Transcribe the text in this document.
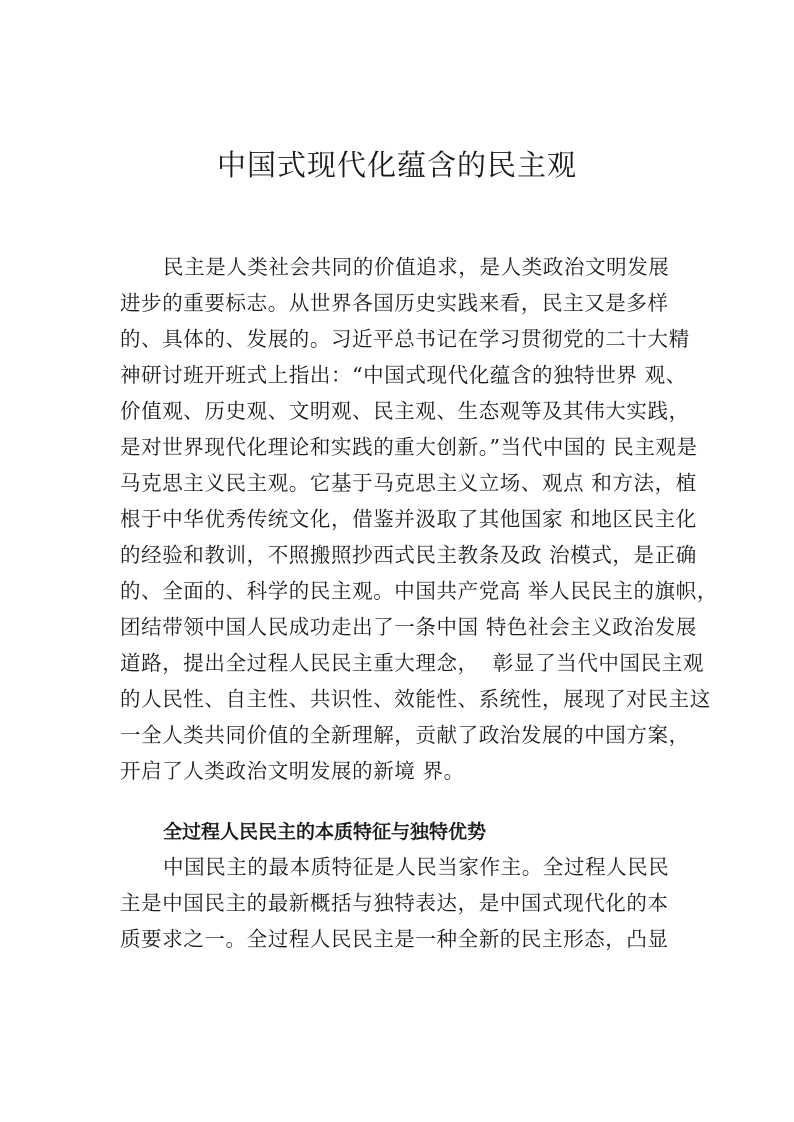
中国式现代化蕴含的民主观

民主是人类社会共同的价值追求，是人类政治文明发展

进步的重要标志。从世界各国历史实践来看，民主又是多样

的、具体的、发展的。习近平总书记在学习贯彻党的二十大精

神研讨班开班式上指出：“中国式现代化蕴含的独特世界 观、

价值观、历史观、文明观、民主观、生态观等及其伟大实践，

是对世界现代化理论和实践的重大创新。”当代中国的 民主观是

马克思主义民主观。它基于马克思主义立场、观点 和方法，植

根于中华优秀传统文化，借鉴并汲取了其他国家 和地区民主化

的经验和教训，不照搬照抄西式民主教条及政 治模式，是正确

的、全面的、科学的民主观。中国共产党高 举人民民主的旗帜，

团结带领中国人民成功走出了一条中国 特色社会主义政治发展

道路，提出全过程人民民主重大理念，  彰显了当代中国民主观

的人民性、自主性、共识性、效能性、系统性，展现了对民主这

一全人类共同价值的全新理解，贡献了政治发展的中国方案，

开启了人类政治文明发展的新境 界。

全过程人民民主的本质特征与独特优势

中国民主的最本质特征是人民当家作主。全过程人民民

主是中国民主的最新概括与独特表达，是中国式现代化的本

质要求之一。全过程人民民主是一种全新的民主形态，凸显
